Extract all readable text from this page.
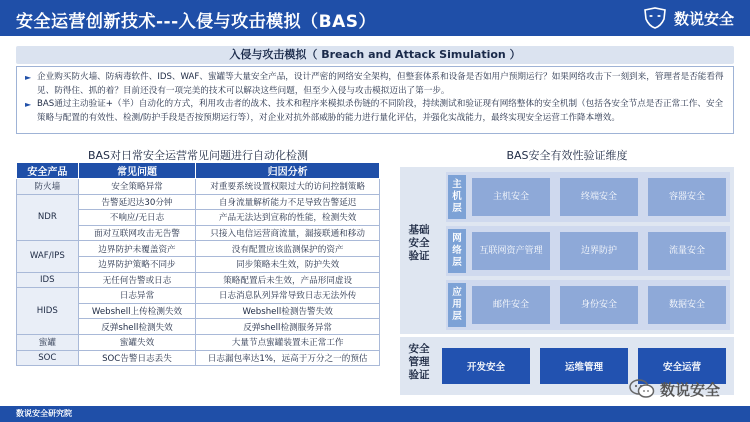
安全运营创新技术---入侵与攻击模拟（BAS）	数说安全
入侵与攻击模拟（ Breach and Attack Simulation ）
► 企业购买防火墙、防病毒软件、IDS、WAF、蜜罐等大量安全产品，设计严密的网络安全架构，但整套体系和设备是否如用户预期运行？如果网络攻击下一刻到来，管理者是否能看得见、防得住、抓的着？目前还没有一项完美的技术可以解决这些问题，但至少入侵与攻击模拟迈出了第一步。
► BAS通过主动验证+（半）自动化的方式，利用攻击者的战术、技术和程序来模拟杀伤链的不同阶段，持续测试和验证现有网络整体的安全机制（包括各安全节点是否正常工作、安全策略与配置的有效性、检测/防护手段是否按预期运行等），对企业对抗外部威胁的能力进行量化评估，并强化实战能力，最终实现安全运营工作降本增效。
BAS对日常安全运营常见问题进行自动化检测
安全产品	常见问题	归因分析
防火墙	安全策略异常	对重要系统设置权限过大的访问控制策略
NDR	告警延迟达30分钟	自身流量解析能力不足导致告警延迟
	不响应/无日志	产品无法达到宣称的性能，检测失效
	面对互联网攻击无告警	只接入电信运营商流量，漏接联通和移动
WAF/IPS	边界防护未覆盖资产	没有配置应该监测保护的资产
	边界防护策略不同步	同步策略未生效，防护失效
IDS	无任何告警或日志	策略配置后未生效，产品形同虚设
HIDS	日志异常	日志消息队列异常导致日志无法外传
	Webshell上传检测失效	Webshell检测告警失效
	反弹shell检测失效	反弹shell检测服务异常
蜜罐	蜜罐失效	大量节点蜜罐装置未正常工作
SOC	SOC告警日志丢失	日志漏包率达1%，远高于万分之一的预估
BAS安全有效性验证维度
基础安全验证
安全管理验证
主机层
主机安全	终端安全	容器安全
网络层
互联网资产管理	边界防护	流量安全
应用层
邮件安全	身份安全	数据安全
开发安全	运维管理	安全运营
数说安全
数说安全研究院
